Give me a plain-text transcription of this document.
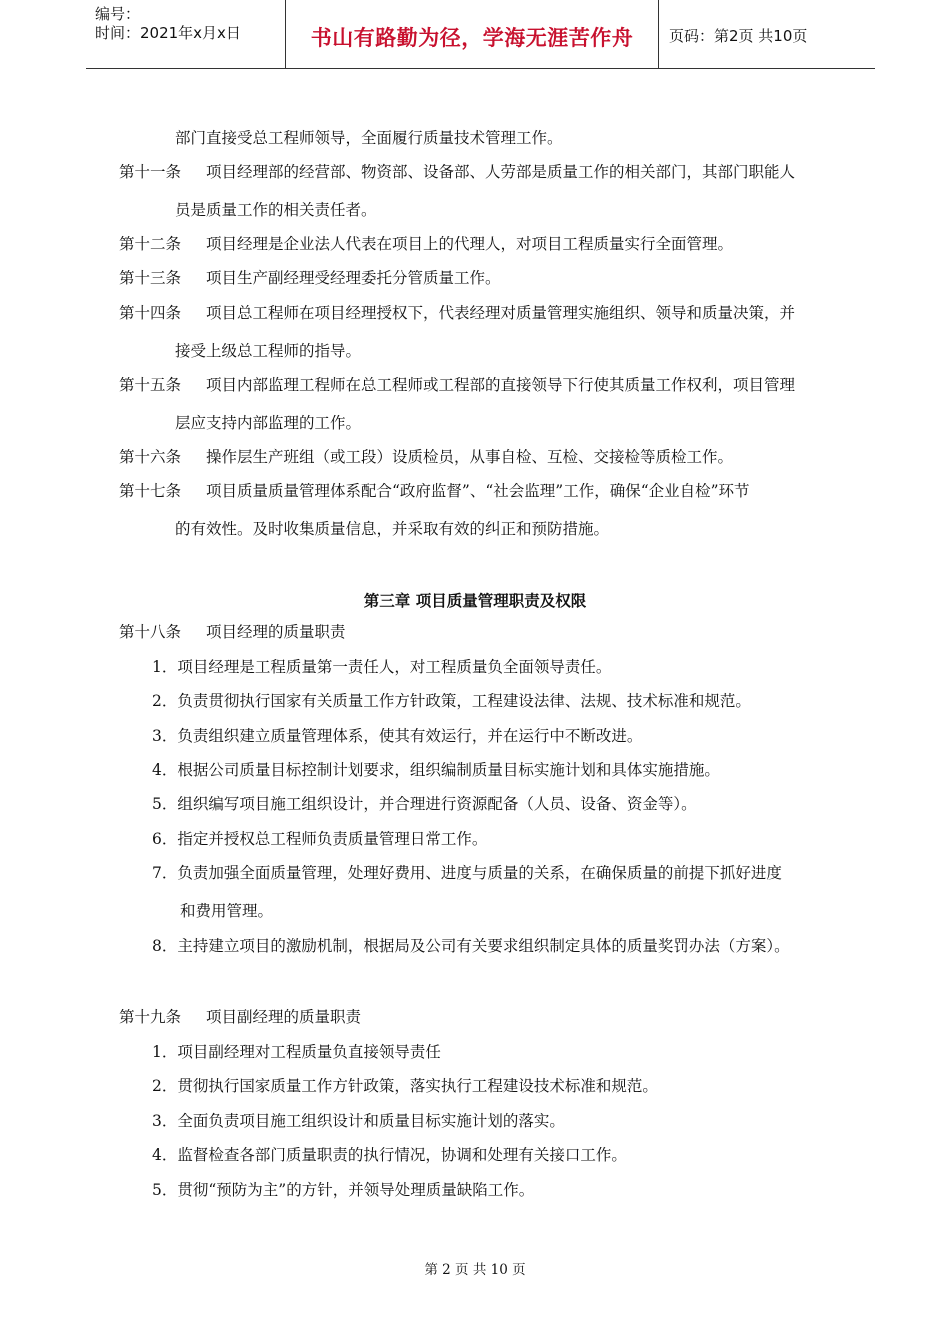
编号：
时间：2021年x月x日	书山有路勤为径，学海无涯苦作舟	页码：第2页 共10页
部门直接受总工程师领导，全面履行质量技术管理工作。
第十一条 项目经理部的经营部、物资部、设备部、人劳部是质量工作的相关部门，其部门职能人
员是质量工作的相关责任者。
第十二条 项目经理是企业法人代表在项目上的代理人，对项目工程质量实行全面管理。
第十三条 项目生产副经理受经理委托分管质量工作。
第十四条 项目总工程师在项目经理授权下，代表经理对质量管理实施组织、领导和质量决策，并
接受上级总工程师的指导。
第十五条 项目内部监理工程师在总工程师或工程部的直接领导下行使其质量工作权利，项目管理
层应支持内部监理的工作。
第十六条 操作层生产班组（或工段）设质检员，从事自检、互检、交接检等质检工作。
第十七条 项目质量质量管理体系配合“政府监督”、“社会监理”工作，确保“企业自检”环节
的有效性。及时收集质量信息，并采取有效的纠正和预防措施。
第三章 项目质量管理职责及权限
第十八条 项目经理的质量职责
1．项目经理是工程质量第一责任人，对工程质量负全面领导责任。
2．负责贯彻执行国家有关质量工作方针政策，工程建设法律、法规、技术标准和规范。
3．负责组织建立质量管理体系，使其有效运行，并在运行中不断改进。
4．根据公司质量目标控制计划要求，组织编制质量目标实施计划和具体实施措施。
5．组织编写项目施工组织设计，并合理进行资源配备（人员、设备、资金等）。
6．指定并授权总工程师负责质量管理日常工作。
7．负责加强全面质量管理，处理好费用、进度与质量的关系，在确保质量的前提下抓好进度
和费用管理。
8．主持建立项目的激励机制，根据局及公司有关要求组织制定具体的质量奖罚办法（方案）。
第十九条 项目副经理的质量职责
1．项目副经理对工程质量负直接领导责任
2．贯彻执行国家质量工作方针政策，落实执行工程建设技术标准和规范。
3．全面负责项目施工组织设计和质量目标实施计划的落实。
4．监督检查各部门质量职责的执行情况，协调和处理有关接口工作。
5．贯彻“预防为主”的方针，并领导处理质量缺陷工作。
第 2 页 共 10 页
